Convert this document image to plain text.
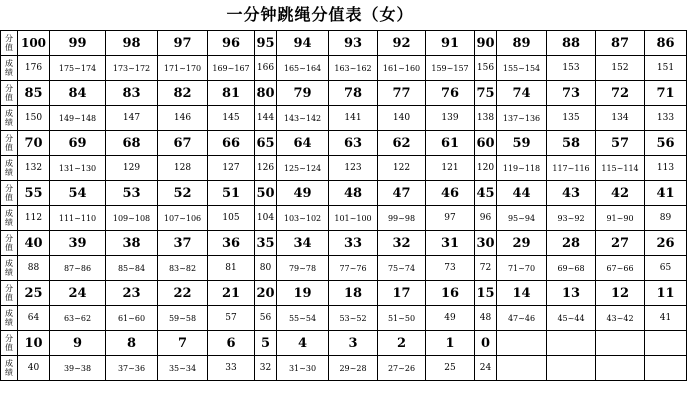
一分钟跳绳分值表（女）
分
值	100	99	98	97	96	95	94	93	92	91	90	89	88	87	86

成
绩	176	175~174	173~172	171~170	169~167	166	165~164	163~162	161~160	159~157	156	155~154	153	152	151

分
值	85	84	83	82	81	80	79	78	77	76	75	74	73	72	71

成
绩	150	149~148	147	146	145	144	143~142	141	140	139	138	137~136	135	134	133

分
值	70	69	68	67	66	65	64	63	62	61	60	59	58	57	56

成
绩	132	131~130	129	128	127	126	125~124	123	122	121	120	119~118	117~116	115~114	113

分
值	55	54	53	52	51	50	49	48	47	46	45	44	43	42	41

成
绩	112	111~110	109~108	107~106	105	104	103~102	101~100	99~98	97	96	95~94	93~92	91~90	89

分
值	40	39	38	37	36	35	34	33	32	31	30	29	28	27	26

成
绩	88	87~86	85~84	83~82	81	80	79~78	77~76	75~74	73	72	71~70	69~68	67~66	65

分
值	25	24	23	22	21	20	19	18	17	16	15	14	13	12	11

成
绩	64	63~62	61~60	59~58	57	56	55~54	53~52	51~50	49	48	47~46	45~44	43~42	41

分
值	10	9	8	7	6	5	4	3	2	1	0				

成
绩	40	39~38	37~36	35~34	33	32	31~30	29~28	27~26	25	24				
